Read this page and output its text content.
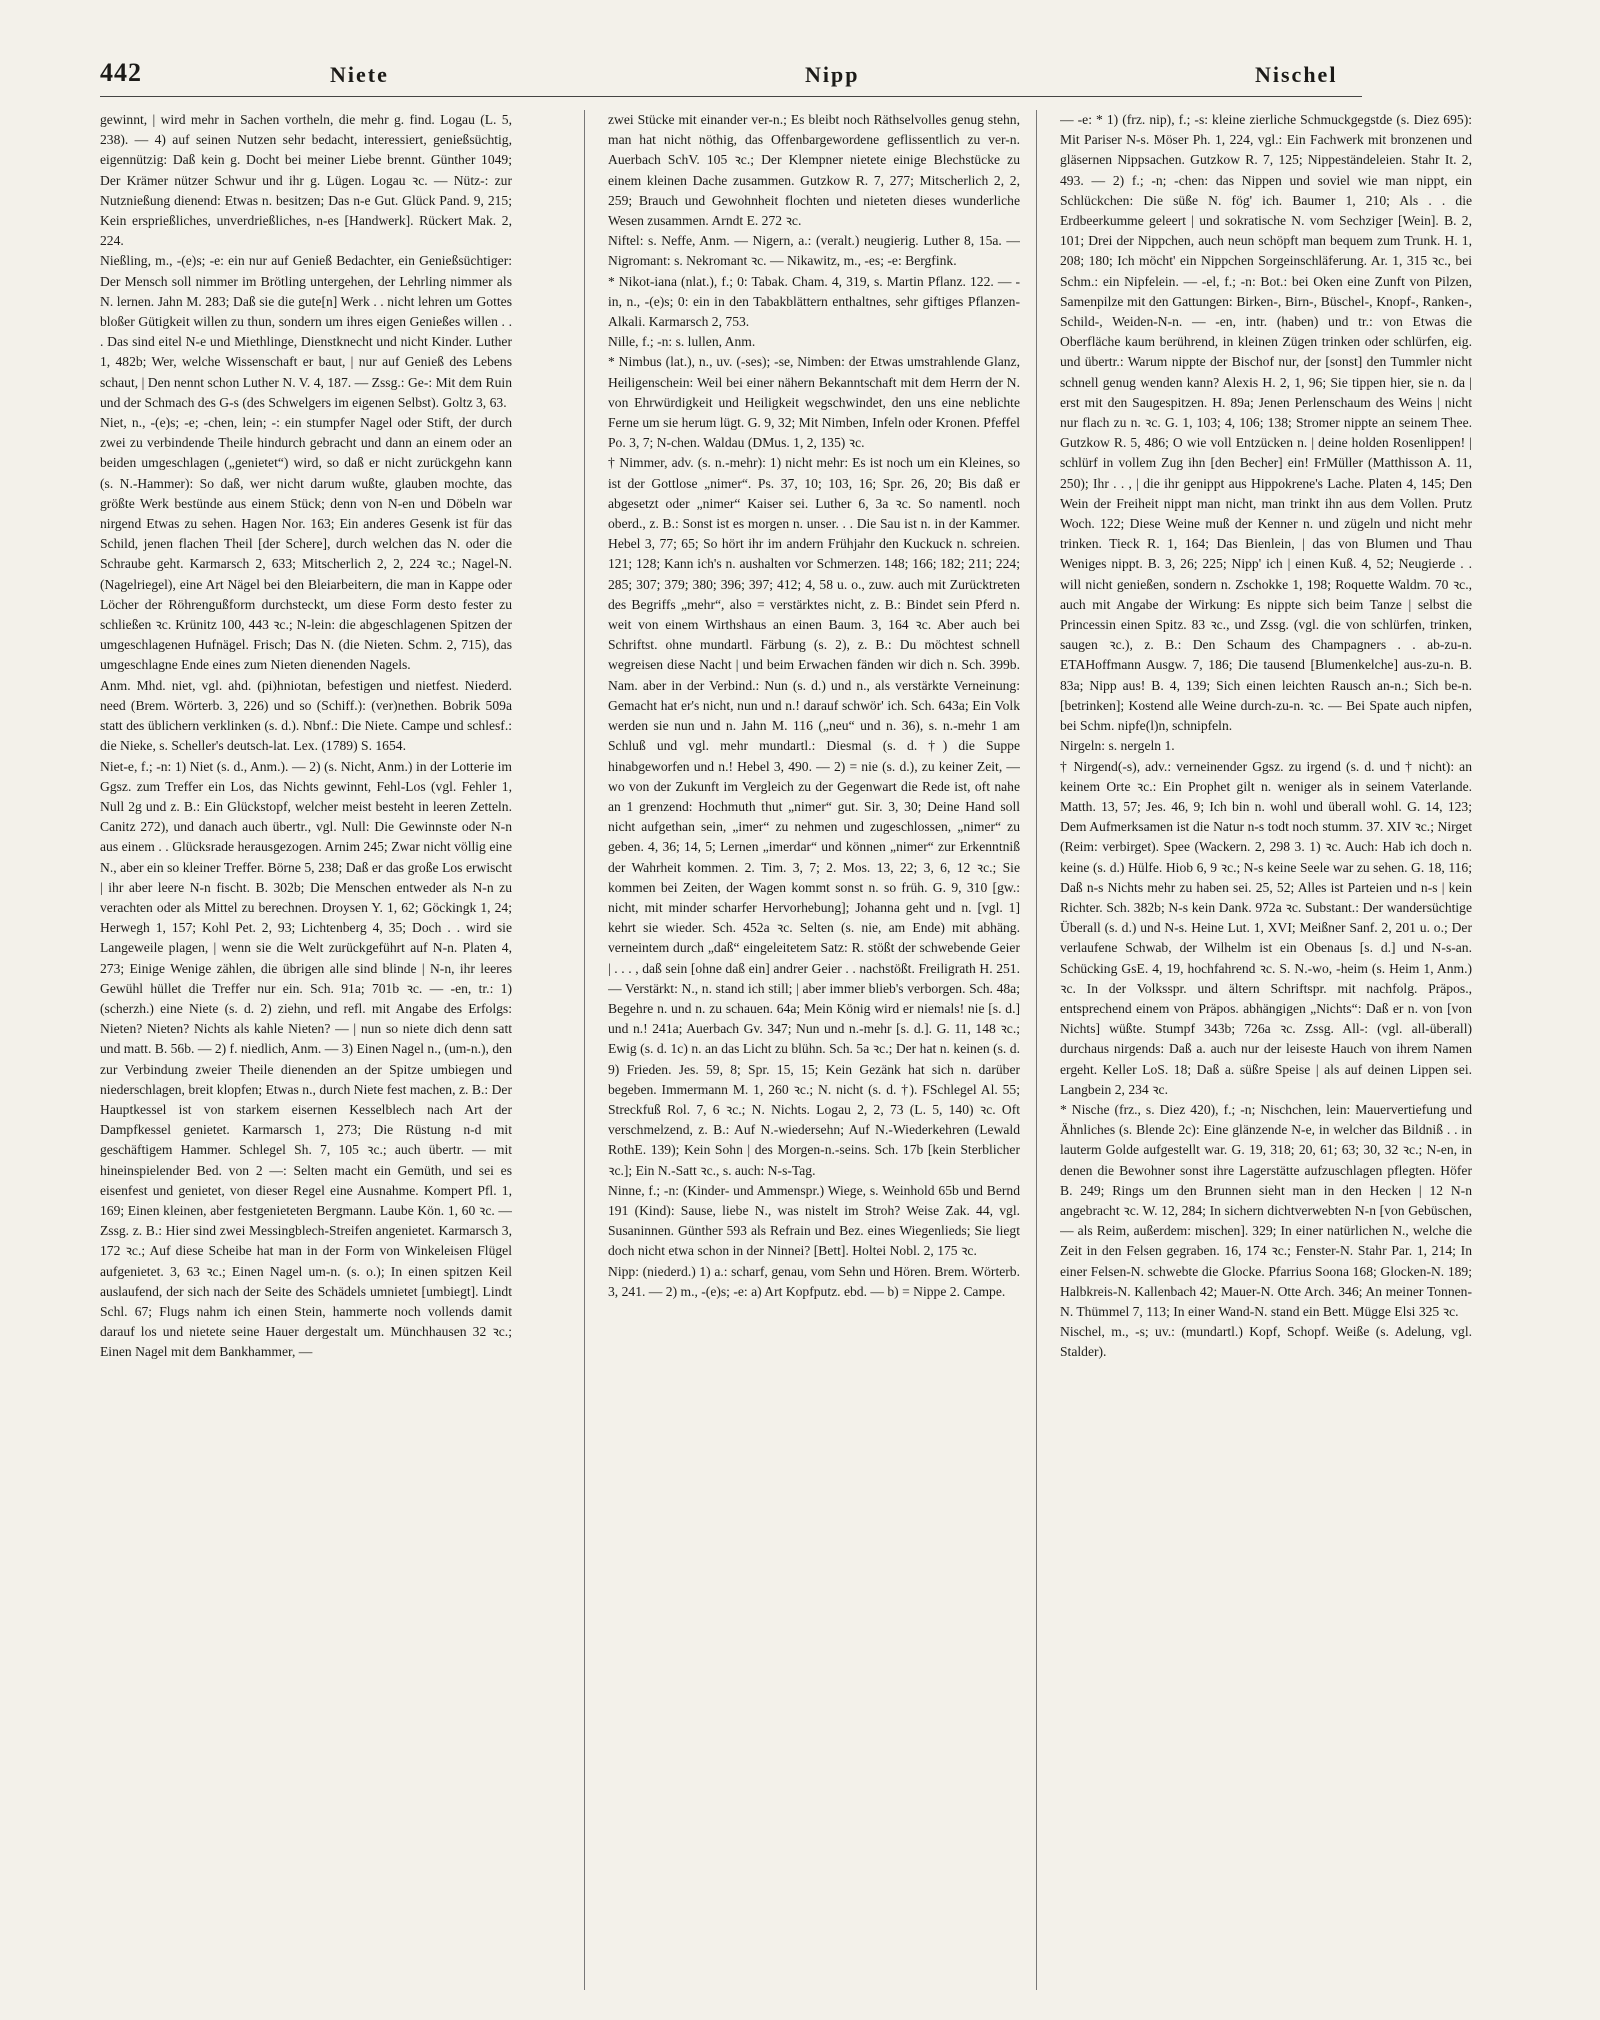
442	Niete	Nipp	Nischel

gewinnt, | wird mehr in Sachen vortheln, die mehr g. find. Logau (L. 5, 238). — 4) auf seinen Nutzen sehr bedacht, interessiert, genießsüchtig, eigennützig: Daß kein g. Docht bei meiner Liebe brennt. Günther 1049; Der Krämer nützer Schwur und ihr g. Lügen. Logau ꝛc. — Nütz-: zur Nutznießung dienend: Etwas n. besitzen; Das n-e Gut. Glück Pand. 9, 215; Kein ersprießliches, unverdrießliches, n-es [Handwerk]. Rückert Mak. 2, 224.

Nießling, m., -(e)s; -e: ein nur auf Genieß Bedachter, ein Genießsüchtiger: Der Mensch soll nimmer im Brötling untergehen, der Lehrling nimmer als N. lernen. Jahn M. 283; Daß sie die gute[n] Werk . . nicht lehren um Gottes bloßer Gütigkeit willen zu thun, sondern um ihres eigen Genießes willen . . . Das sind eitel N-e und Miethlinge, Dienstknecht und nicht Kinder. Luther 1, 482b; Wer, welche Wissenschaft er baut, | nur auf Genieß des Lebens schaut, | Den nennt schon Luther N. V. 4, 187. — Zssg.: Ge-: Mit dem Ruin und der Schmach des G-s (des Schwelgers im eigenen Selbst). Goltz 3, 63.

Niet, n., -(e)s; -e; -chen, lein; -: ein stumpfer Nagel oder Stift, der durch zwei zu verbindende Theile hindurch gebracht und dann an einem oder an beiden umgeschlagen („genietet“) wird, so daß er nicht zurückgehn kann (s. N.-Hammer): So daß, wer nicht darum wußte, glauben mochte, das größte Werk bestünde aus einem Stück; denn von N-en und Döbeln war nirgend Etwas zu sehen. Hagen Nor. 163; Ein anderes Gesenk ist für das Schild, jenen flachen Theil [der Schere], durch welchen das N. oder die Schraube geht. Karmarsch 2, 633; Mitscherlich 2, 2, 224 ꝛc.; Nagel-N. (Nagelriegel), eine Art Nägel bei den Bleiarbeitern, die man in Kappe oder Löcher der Röhrengußform durchsteckt, um diese Form desto fester zu schließen ꝛc. Krünitz 100, 443 ꝛc.; N-lein: die abgeschlagenen Spitzen der umgeschlagenen Hufnägel. Frisch; Das N. (die Nieten. Schm. 2, 715), das umgeschlagne Ende eines zum Nieten dienenden Nagels.

Anm. Mhd. niet, vgl. ahd. (pi)hniotan, befestigen und nietfest. Niederd. need (Brem. Wörterb. 3, 226) und so (Schiff.): (ver)nethen. Bobrik 509a statt des üblichern verklinken (s. d.). Nbnf.: Die Niete. Campe und schlesf.: die Nieke, s. Scheller's deutsch-lat. Lex. (1789) S. 1654.

Niet-e, f.; -n: 1) Niet (s. d., Anm.). — 2) (s. Nicht, Anm.) in der Lotterie im Ggsz. zum Treffer ein Los, das Nichts gewinnt, Fehl-Los (vgl. Fehler 1, Null 2g und z. B.: Ein Glückstopf, welcher meist besteht in leeren Zetteln. Canitz 272), und danach auch übertr., vgl. Null: Die Gewinnste oder N-n aus einem . . Glücksrade herausgezogen. Arnim 245; Zwar nicht völlig eine N., aber ein so kleiner Treffer. Börne 5, 238; Daß er das große Los erwischt | ihr aber leere N-n fischt. B. 302b; Die Menschen entweder als N-n zu verachten oder als Mittel zu berechnen. Droysen Y. 1, 62; Göckingk 1, 24; Herwegh 1, 157; Kohl Pet. 2, 93; Lichtenberg 4, 35; Doch . . wird sie Langeweile plagen, | wenn sie die Welt zurückgeführt auf N-n. Platen 4, 273; Einige Wenige zählen, die übrigen alle sind blinde | N-n, ihr leeres Gewühl hüllet die Treffer nur ein. Sch. 91a; 701b ꝛc. — -en, tr.: 1) (scherzh.) eine Niete (s. d. 2) ziehn, und refl. mit Angabe des Erfolgs: Nieten? Nieten? Nichts als kahle Nieten? — | nun so niete dich denn satt und matt. B. 56b. — 2) f. niedlich, Anm. — 3) Einen Nagel n., (um-n.), den zur Verbindung zweier Theile dienenden an der Spitze umbiegen und niederschlagen, breit klopfen; Etwas n., durch Niete fest machen, z. B.: Der Hauptkessel ist von starkem eisernen Kesselblech nach Art der Dampfkessel genietet. Karmarsch 1, 273; Die Rüstung n-d mit geschäftigem Hammer. Schlegel Sh. 7, 105 ꝛc.; auch übertr. — mit hineinspielender Bed. von 2 —: Selten macht ein Gemüth, und sei es eisenfest und genietet, von dieser Regel eine Ausnahme. Kompert Pfl. 1, 169; Einen kleinen, aber festgenieteten Bergmann. Laube Kön. 1, 60 ꝛc. — Zssg. z. B.: Hier sind zwei Messingblech-Streifen angenietet. Karmarsch 3, 172 ꝛc.; Auf diese Scheibe hat man in der Form von Winkeleisen Flügel aufgenietet. 3, 63 ꝛc.; Einen Nagel um-n. (s. o.); In einen spitzen Keil auslaufend, der sich nach der Seite des Schädels umnietet [umbiegt]. Lindt Schl. 67; Flugs nahm ich einen Stein, hammerte noch vollends damit darauf los und nietete seine Hauer dergestalt um. Münchhausen 32 ꝛc.; Einen Nagel mit dem Bankhammer, —

zwei Stücke mit einander ver-n.; Es bleibt noch Räthselvolles genug stehn, man hat nicht nöthig, das Offenbargewordene geflissentlich zu ver-n. Auerbach SchV. 105 ꝛc.; Der Klempner nietete einige Blechstücke zu einem kleinen Dache zusammen. Gutzkow R. 7, 277; Mitscherlich 2, 2, 259; Brauch und Gewohnheit flochten und nieteten dieses wunderliche Wesen zusammen. Arndt E. 272 ꝛc.

Niftel: s. Neffe, Anm. — Nigern, a.: (veralt.) neugierig. Luther 8, 15a. — Nigromant: s. Nekromant ꝛc. — Nikawitz, m., -es; -e: Bergfink.

* Nikot-iana (nlat.), f.; 0: Tabak. Cham. 4, 319, s. Martin Pflanz. 122. — -in, n., -(e)s; 0: ein in den Tabakblättern enthaltnes, sehr giftiges Pflanzen-Alkali. Karmarsch 2, 753.

Nille, f.; -n: s. lullen, Anm.

* Nimbus (lat.), n., uv. (-ses); -se, Nimben: der Etwas umstrahlende Glanz, Heiligenschein: Weil bei einer nähern Bekanntschaft mit dem Herrn der N. von Ehrwürdigkeit und Heiligkeit wegschwindet, den uns eine neblichte Ferne um sie herum lügt. G. 9, 32; Mit Nimben, Infeln oder Kronen. Pfeffel Po. 3, 7; N-chen. Waldau (DMus. 1, 2, 135) ꝛc.

† Nimmer, adv. (s. n.-mehr): 1) nicht mehr: Es ist noch um ein Kleines, so ist der Gottlose „nimer“. Ps. 37, 10; 103, 16; Spr. 26, 20; Bis daß er abgesetzt oder „nimer“ Kaiser sei. Luther 6, 3a ꝛc. So namentl. noch oberd., z. B.: Sonst ist es morgen n. unser. . . Die Sau ist n. in der Kammer. Hebel 3, 77; 65; So hört ihr im andern Frühjahr den Kuckuck n. schreien. 121; 128; Kann ich's n. aushalten vor Schmerzen. 148; 166; 182; 211; 224; 285; 307; 379; 380; 396; 397; 412; 4, 58 u. o., zuw. auch mit Zurücktreten des Begriffs „mehr“, also = verstärktes nicht, z. B.: Bindet sein Pferd n. weit von einem Wirthshaus an einen Baum. 3, 164 ꝛc. Aber auch bei Schriftst. ohne mundartl. Färbung (s. 2), z. B.: Du möchtest schnell wegreisen diese Nacht | und beim Erwachen fänden wir dich n. Sch. 399b. Nam. aber in der Verbind.: Nun (s. d.) und n., als verstärkte Verneinung: Gemacht hat er's nicht, nun und n.! darauf schwör' ich. Sch. 643a; Ein Volk werden sie nun und n. Jahn M. 116 („neu“ und n. 36), s. n.-mehr 1 am Schluß und vgl. mehr mundartl.: Diesmal (s. d. †) die Suppe hinabgeworfen und n.! Hebel 3, 490. — 2) = nie (s. d.), zu keiner Zeit, — wo von der Zukunft im Vergleich zu der Gegenwart die Rede ist, oft nahe an 1 grenzend: Hochmuth thut „nimer“ gut. Sir. 3, 30; Deine Hand soll nicht aufgethan sein, „imer“ zu nehmen und zugeschlossen, „nimer“ zu geben. 4, 36; 14, 5; Lernen „imerdar“ und können „nimer“ zur Erkenntniß der Wahrheit kommen. 2. Tim. 3, 7; 2. Mos. 13, 22; 3, 6, 12 ꝛc.; Sie kommen bei Zeiten, der Wagen kommt sonst n. so früh. G. 9, 310 [gw.: nicht, mit minder scharfer Hervorhebung]; Johanna geht und n. [vgl. 1] kehrt sie wieder. Sch. 452a ꝛc. Selten (s. nie, am Ende) mit abhäng. verneintem durch „daß“ eingeleitetem Satz: R. stößt der schwebende Geier | . . . , daß sein [ohne daß ein] andrer Geier . . nachstößt. Freiligrath H. 251. — Verstärkt: N., n. stand ich still; | aber immer blieb's verborgen. Sch. 48a; Begehre n. und n. zu schauen. 64a; Mein König wird er niemals! nie [s. d.] und n.! 241a; Auerbach Gv. 347; Nun und n.-mehr [s. d.]. G. 11, 148 ꝛc.; Ewig (s. d. 1c) n. an das Licht zu blühn. Sch. 5a ꝛc.; Der hat n. keinen (s. d. 9) Frieden. Jes. 59, 8; Spr. 15, 15; Kein Gezänk hat sich n. darüber begeben. Immermann M. 1, 260 ꝛc.; N. nicht (s. d. †). FSchlegel Al. 55; Streckfuß Rol. 7, 6 ꝛc.; N. Nichts. Logau 2, 2, 73 (L. 5, 140) ꝛc. Oft verschmelzend, z. B.: Auf N.-wiedersehn; Auf N.-Wiederkehren (Lewald RothE. 139); Kein Sohn | des Morgen-n.-seins. Sch. 17b [kein Sterblicher ꝛc.]; Ein N.-Satt ꝛc., s. auch: N-s-Tag.

Ninne, f.; -n: (Kinder- und Ammenspr.) Wiege, s. Weinhold 65b und Bernd 191 (Kind): Sause, liebe N., was nistelt im Stroh? Weise Zak. 44, vgl. Susaninnen. Günther 593 als Refrain und Bez. eines Wiegenlieds; Sie liegt doch nicht etwa schon in der Ninnei? [Bett]. Holtei Nobl. 2, 175 ꝛc.

Nipp: (niederd.) 1) a.: scharf, genau, vom Sehn und Hören. Brem. Wörterb. 3, 241. — 2) m., -(e)s; -e: a) Art Kopfputz. ebd. — b) = Nippe 2. Campe.

— -e: * 1) (frz. nip), f.; -s: kleine zierliche Schmuckgegstde (s. Diez 695): Mit Pariser N-s. Möser Ph. 1, 224, vgl.: Ein Fachwerk mit bronzenen und gläsernen Nippsachen. Gutzkow R. 7, 125; Nippeständeleien. Stahr It. 2, 493. — 2) f.; -n; -chen: das Nippen und soviel wie man nippt, ein Schlückchen: Die süße N. fög' ich. Baumer 1, 210; Als . . die Erdbeerkumme geleert | und sokratische N. vom Sechziger [Wein]. B. 2, 101; Drei der Nippchen, auch neun schöpft man bequem zum Trunk. H. 1, 208; 180; Ich möcht' ein Nippchen Sorgeinschläferung. Ar. 1, 315 ꝛc., bei Schm.: ein Nipfelein. — -el, f.; -n: Bot.: bei Oken eine Zunft von Pilzen, Samenpilze mit den Gattungen: Birken-, Birn-, Büschel-, Knopf-, Ranken-, Schild-, Weiden-N-n. — -en, intr. (haben) und tr.: von Etwas die Oberfläche kaum berührend, in kleinen Zügen trinken oder schlürfen, eig. und übertr.: Warum nippte der Bischof nur, der [sonst] den Tummler nicht schnell genug wenden kann? Alexis H. 2, 1, 96; Sie tippen hier, sie n. da | erst mit den Saugespitzen. H. 89a; Jenen Perlenschaum des Weins | nicht nur flach zu n. ꝛc. G. 1, 103; 4, 106; 138; Stromer nippte an seinem Thee. Gutzkow R. 5, 486; O wie voll Entzücken n. | deine holden Rosenlippen! | schlürf in vollem Zug ihn [den Becher] ein! FrMüller (Matthisson A. 11, 250); Ihr . . , | die ihr genippt aus Hippokrene's Lache. Platen 4, 145; Den Wein der Freiheit nippt man nicht, man trinkt ihn aus dem Vollen. Prutz Woch. 122; Diese Weine muß der Kenner n. und zügeln und nicht mehr trinken. Tieck R. 1, 164; Das Bienlein, | das von Blumen und Thau Weniges nippt. B. 3, 26; 225; Nipp' ich | einen Kuß. 4, 52; Neugierde . . will nicht genießen, sondern n. Zschokke 1, 198; Roquette Waldm. 70 ꝛc., auch mit Angabe der Wirkung: Es nippte sich beim Tanze | selbst die Princessin einen Spitz. 83 ꝛc., und Zssg. (vgl. die von schlürfen, trinken, saugen ꝛc.), z. B.: Den Schaum des Champagners . . ab-zu-n. ETAHoffmann Ausgw. 7, 186; Die tausend [Blumenkelche] aus-zu-n. B. 83a; Nipp aus! B. 4, 139; Sich einen leichten Rausch an-n.; Sich be-n. [betrinken]; Kostend alle Weine durch-zu-n. ꝛc. — Bei Spate auch nipfen, bei Schm. nipfe(l)n, schnipfeln.

Nirgeln: s. nergeln 1.

† Nirgend(-s), adv.: verneinender Ggsz. zu irgend (s. d. und † nicht): an keinem Orte ꝛc.: Ein Prophet gilt n. weniger als in seinem Vaterlande. Matth. 13, 57; Jes. 46, 9; Ich bin n. wohl und überall wohl. G. 14, 123; Dem Aufmerksamen ist die Natur n-s todt noch stumm. 37. XIV ꝛc.; Nirget (Reim: verbirget). Spee (Wackern. 2, 298 3. 1) ꝛc. Auch: Hab ich doch n. keine (s. d.) Hülfe. Hiob 6, 9 ꝛc.; N-s keine Seele war zu sehen. G. 18, 116; Daß n-s Nichts mehr zu haben sei. 25, 52; Alles ist Parteien und n-s | kein Richter. Sch. 382b; N-s kein Dank. 972a ꝛc. Substant.: Der wandersüchtige Überall (s. d.) und N-s. Heine Lut. 1, XVI; Meißner Sanf. 2, 201 u. o.; Der verlaufene Schwab, der Wilhelm ist ein Obenaus [s. d.] und N-s-an. Schücking GsE. 4, 19, hochfahrend ꝛc. S. N.-wo, -heim (s. Heim 1, Anm.) ꝛc. In der Volksspr. und ältern Schriftspr. mit nachfolg. Präpos., entsprechend einem von Präpos. abhängigen „Nichts“: Daß er n. von [von Nichts] wüßte. Stumpf 343b; 726a ꝛc. Zssg. All-: (vgl. all-überall) durchaus nirgends: Daß a. auch nur der leiseste Hauch von ihrem Namen ergeht. Keller LoS. 18; Daß a. süßre Speise | als auf deinen Lippen sei. Langbein 2, 234 ꝛc.

* Nische (frz., s. Diez 420), f.; -n; Nischchen, lein: Mauervertiefung und Ähnliches (s. Blende 2c): Eine glänzende N-e, in welcher das Bildniß . . in lauterm Golde aufgestellt war. G. 19, 318; 20, 61; 63; 30, 32 ꝛc.; N-en, in denen die Bewohner sonst ihre Lagerstätte aufzuschlagen pflegten. Höfer B. 249; Rings um den Brunnen sieht man in den Hecken | 12 N-n angebracht ꝛc. W. 12, 284; In sichern dichtverwebten N-n [von Gebüschen, — als Reim, außerdem: mischen]. 329; In einer natürlichen N., welche die Zeit in den Felsen gegraben. 16, 174 ꝛc.; Fenster-N. Stahr Par. 1, 214; In einer Felsen-N. schwebte die Glocke. Pfarrius Soona 168; Glocken-N. 189; Halbkreis-N. Kallenbach 42; Mauer-N. Otte Arch. 346; An meiner Tonnen-N. Thümmel 7, 113; In einer Wand-N. stand ein Bett. Müggе Elsi 325 ꝛc.

Nischel, m., -s; uv.: (mundartl.) Kopf, Schopf. Weiße (s. Adelung, vgl. Stalder).
